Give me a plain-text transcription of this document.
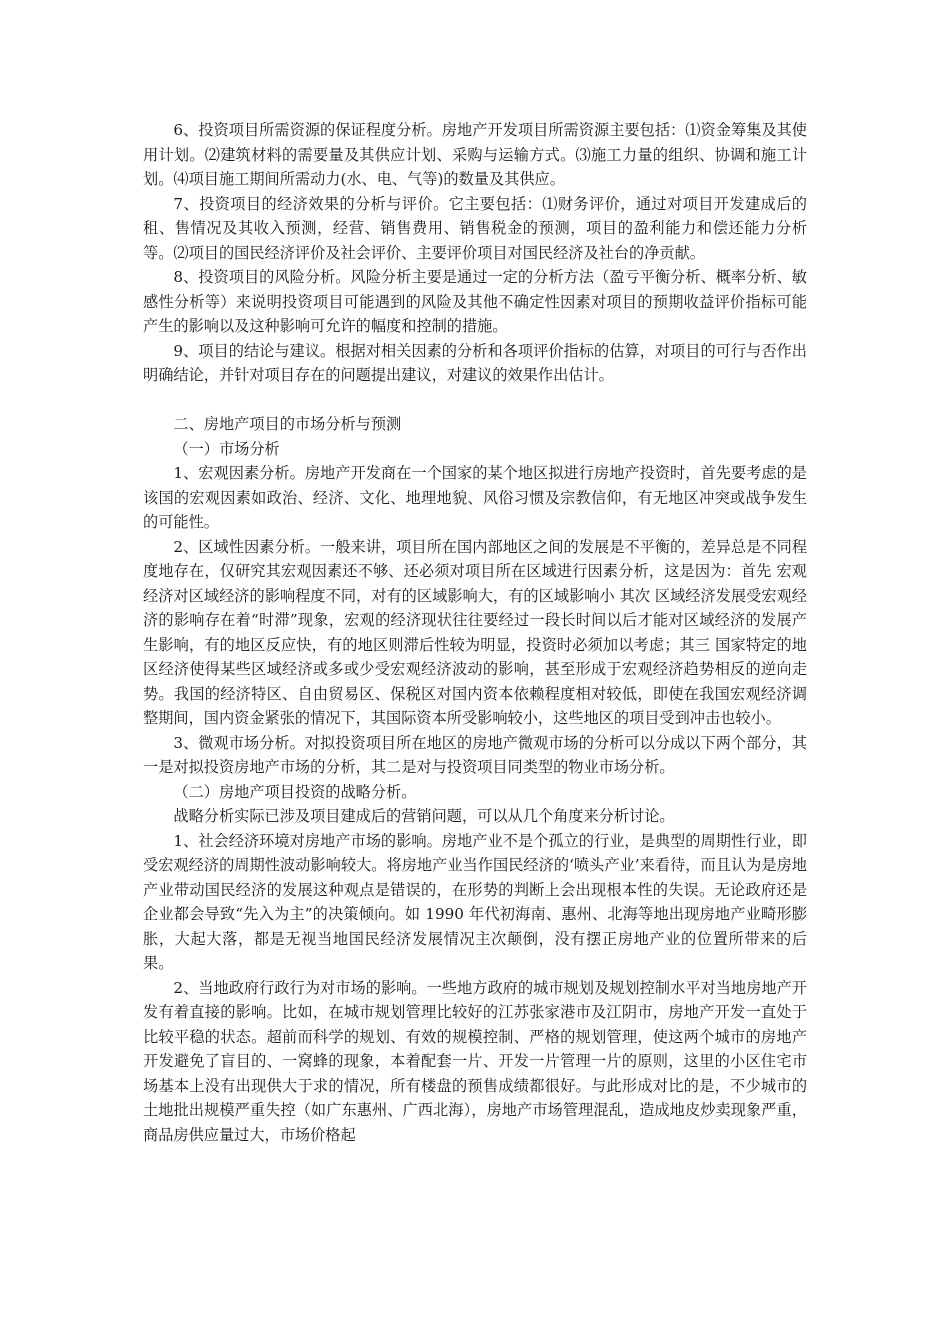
6、投资项目所需资源的保证程度分析。房地产开发项目所需资源主要包括：⑴资金筹集及其使用计划。⑵建筑材料的需要量及其供应计划、采购与运输方式。⑶施工力量的组织、协调和施工计划。⑷项目施工期间所需动力(水、电、气等)的数量及其供应。

7、投资项目的经济效果的分析与评价。它主要包括：⑴财务评价，通过对项目开发建成后的租、售情况及其收入预测，经营、销售费用、销售税金的预测，项目的盈利能力和偿还能力分析等。⑵项目的国民经济评价及社会评价、主要评价项目对国民经济及社台的净贡献。

8、投资项目的风险分析。风险分析主要是通过一定的分析方法（盈亏平衡分析、概率分析、敏感性分析等）来说明投资项目可能遇到的风险及其他不确定性因素对项目的预期收益评价指标可能产生的影响以及这种影响可允许的幅度和控制的措施。

9、项目的结论与建议。根据对相关因素的分析和各项评价指标的估算，对项目的可行与否作出明确结论，并针对项目存在的问题提出建议，对建议的效果作出估计。

二、房地产项目的市场分析与预测

（一）市场分析

1、宏观因素分析。房地产开发商在一个国家的某个地区拟进行房地产投资时，首先要考虑的是该国的宏观因素如政治、经济、文化、地理地貌、风俗习惯及宗教信仰，有无地区冲突或战争发生的可能性。

2、区域性因素分析。一般来讲，项目所在国内部地区之间的发展是不平衡的，差异总是不同程度地存在，仅研究其宏观因素还不够、还必须对项目所在区域进行因素分析，这是因为：首先 宏观经济对区域经济的影响程度不同，对有的区域影响大，有的区域影响小 其次 区域经济发展受宏观经济的影响存在着“时滞”现象，宏观的经济现状往往要经过一段长时间以后才能对区域经济的发展产生影响，有的地区反应快，有的地区则滞后性较为明显，投资时必须加以考虑；其三 国家特定的地区经济使得某些区域经济或多或少受宏观经济波动的影响，甚至形成于宏观经济趋势相反的逆向走势。我国的经济特区、自由贸易区、保税区对国内资本依赖程度相对较低，即使在我国宏观经济调整期间，国内资金紧张的情况下，其国际资本所受影响较小，这些地区的项目受到冲击也较小。

3、微观市场分析。对拟投资项目所在地区的房地产微观市场的分析可以分成以下两个部分，其一是对拟投资房地产市场的分析，其二是对与投资项目同类型的物业市场分析。

（二）房地产项目投资的战略分析。

战略分析实际已涉及项目建成后的营销问题，可以从几个角度来分析讨论。

1、社会经济环境对房地产市场的影响。房地产业不是个孤立的行业，是典型的周期性行业，即受宏观经济的周期性波动影响较大。将房地产业当作国民经济的‘喷头产业’来看待，而且认为是房地产业带动国民经济的发展这种观点是错误的，在形势的判断上会出现根本性的失误。无论政府还是企业都会导致“先入为主”的决策倾向。如 1990 年代初海南、惠州、北海等地出现房地产业畸形膨胀，大起大落，都是无视当地国民经济发展情况主次颠倒，没有摆正房地产业的位置所带来的后果。

2、当地政府行政行为对市场的影响。一些地方政府的城市规划及规划控制水平对当地房地产开发有着直接的影响。比如，在城市规划管理比较好的江苏张家港市及江阴市，房地产开发一直处于比较平稳的状态。超前而科学的规划、有效的规模控制、严格的规划管理，使这两个城市的房地产开发避免了盲目的、一窝蜂的现象，本着配套一片、开发一片管理一片的原则，这里的小区住宅市场基本上没有出现供大于求的情况，所有楼盘的预售成绩都很好。与此形成对比的是，不少城市的土地批出规模严重失控（如广东惠州、广西北海），房地产市场管理混乱，造成地皮炒卖现象严重，商品房供应量过大，市场价格起
